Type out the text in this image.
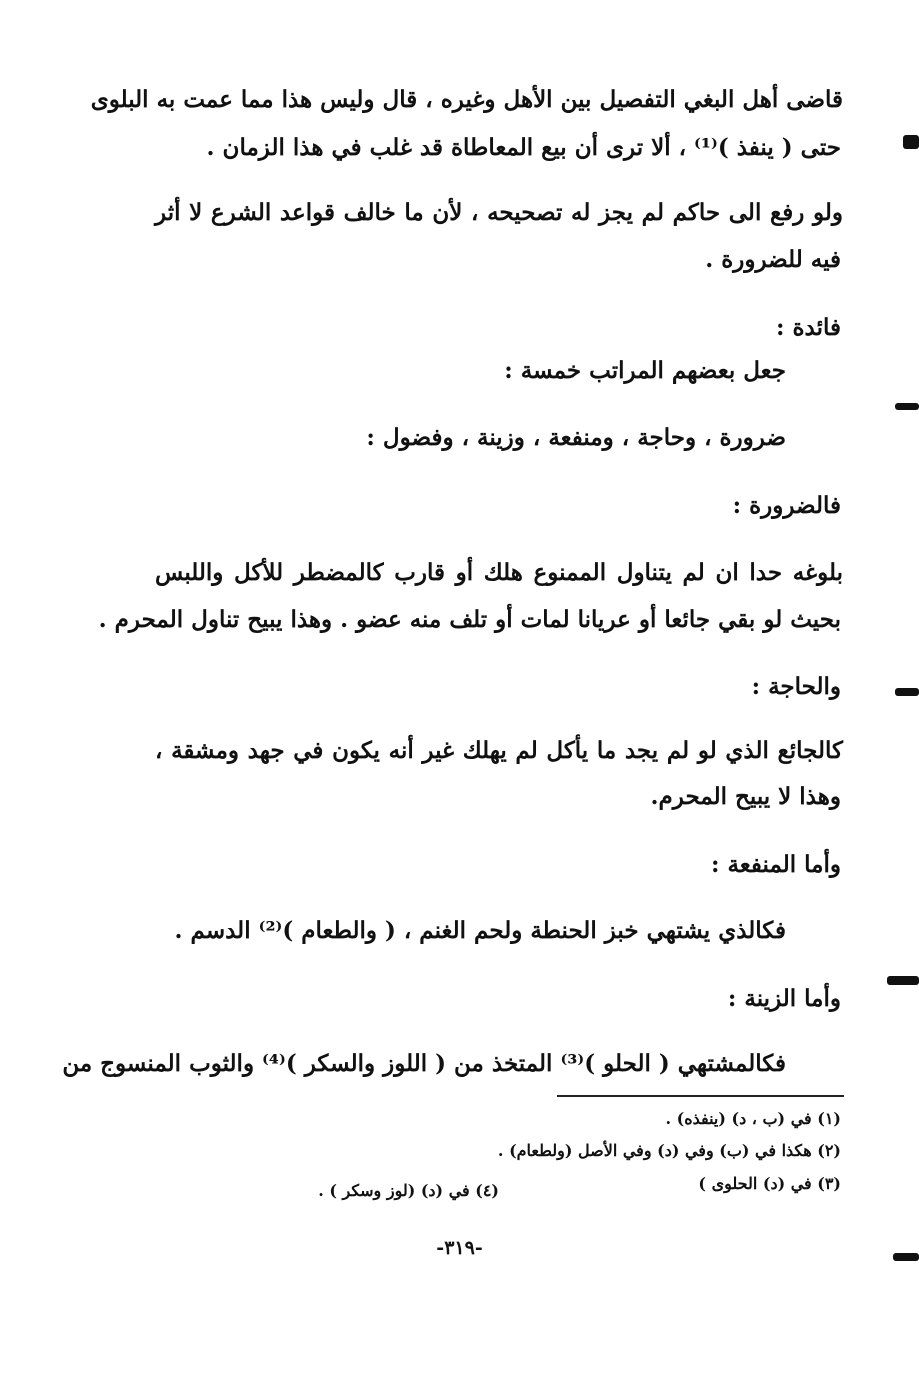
قاضى أهل البغي التفصيل بين الأهل وغيره ، قال وليس هذا مما عمت به البلوى
حتى ( ينفذ )⁽¹⁾ ، ألا ترى أن بيع المعاطاة قد غلب في هذا الزمان .
ولو رفع الى حاكم لم يجز له تصحيحه ، لأن ما خالف قواعد الشرع لا أثر
فيه للضرورة .
فائدة :
جعل بعضهم المراتب خمسة :
ضرورة ، وحاجة ، ومنفعة ، وزينة ، وفضول :
فالضرورة :
بلوغه حدا ان لم يتناول الممنوع هلك أو قارب كالمضطر للأكل واللبس
بحيث لو بقي جائعا أو عريانا لمات أو تلف منه عضو . وهذا يبيح تناول المحرم .
والحاجة :
كالجائع الذي لو لم يجد ما يأكل لم يهلك غير أنه يكون في جهد ومشقة ،
وهذا لا يبيح المحرم.
وأما المنفعة :
فكالذي يشتهي خبز الحنطة ولحم الغنم ، ( والطعام )⁽²⁾ الدسم .
وأما الزينة :
فكالمشتهي ( الحلو )⁽³⁾ المتخذ من ( اللوز والسكر )⁽⁴⁾ والثوب المنسوج من
(١) في (ب ، د) (ينفذه) .
(٢) هكذا في (ب) وفي (د) وفي الأصل (ولطعام) .
(٣) في (د) الحلوى )
(٤) في (د) (لوز وسكر ) .
-٣١٩-
